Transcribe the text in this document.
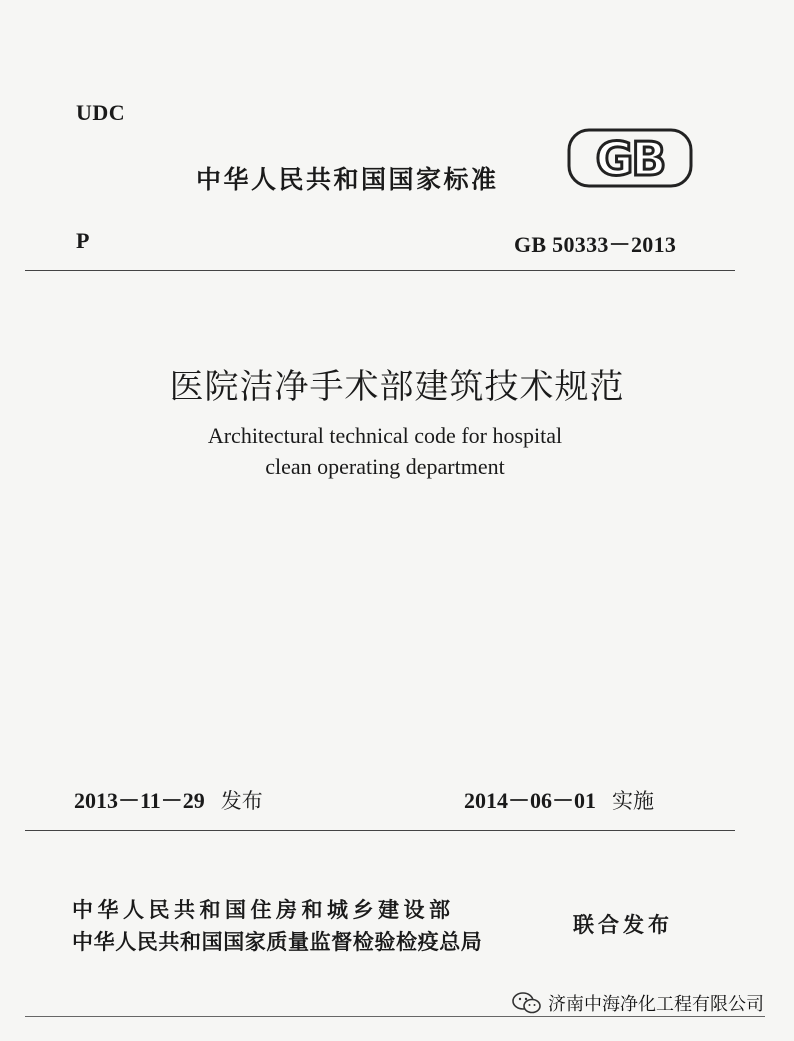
UDC
中华人民共和国国家标准 GB
P	GB 50333－2013
医院洁净手术部建筑技术规范
Architectural technical code for hospital
clean operating department
2013－11－29 发布	2014－06－01 实施
中华人民共和国住房和城乡建设部
中华人民共和国国家质量监督检验检疫总局
联合发布
济南中海净化工程有限公司
